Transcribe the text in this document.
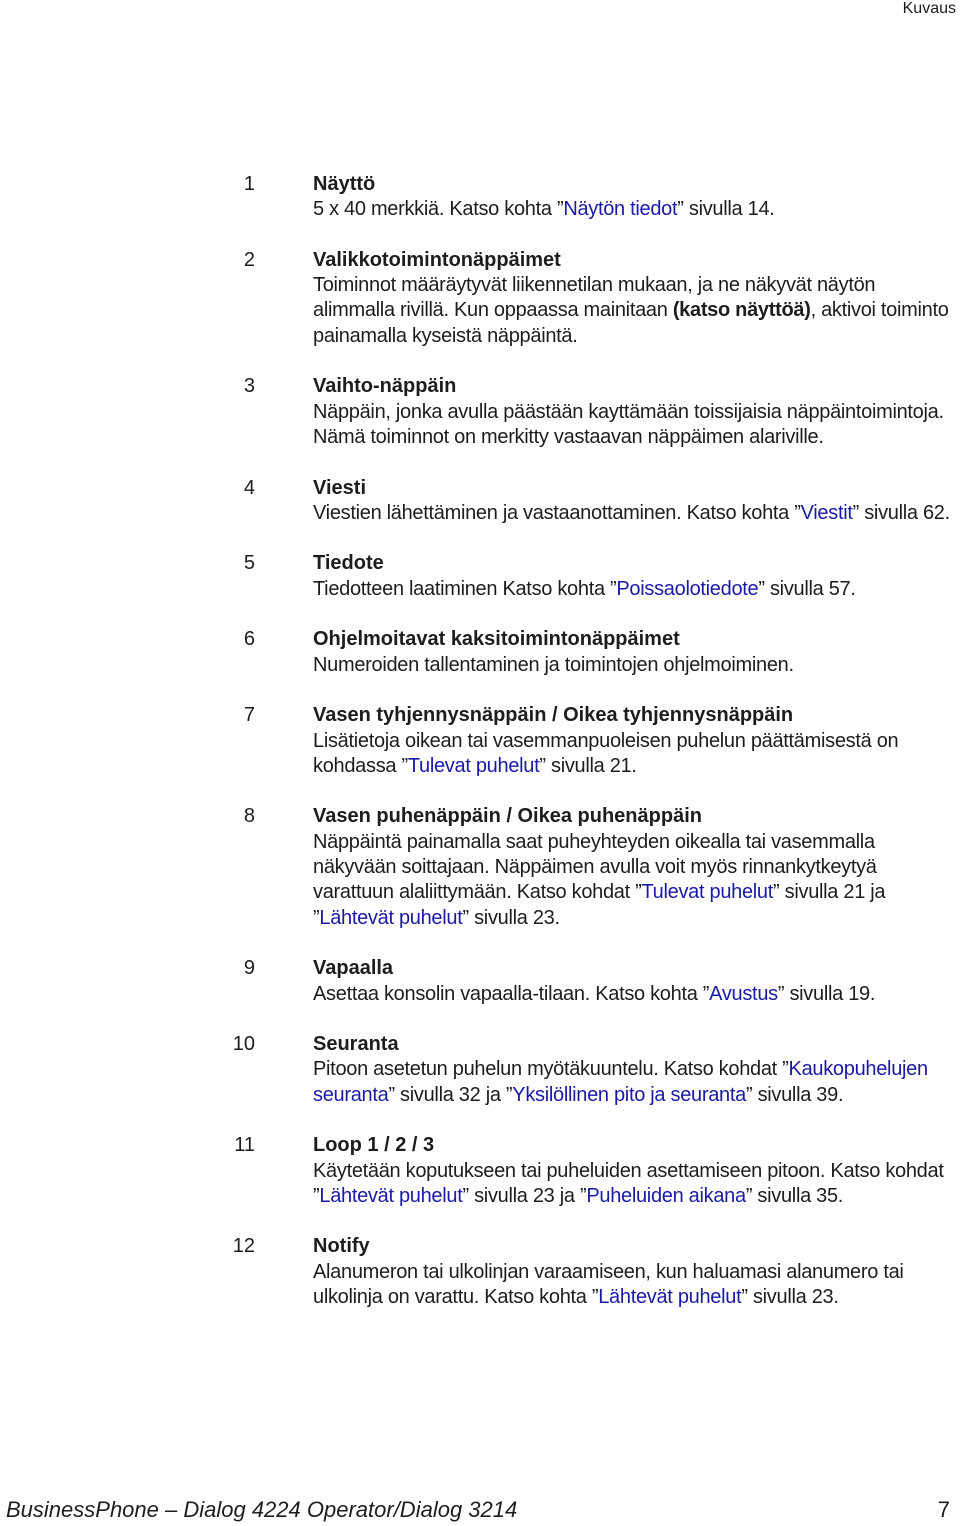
Kuvaus
1	Näyttö
5 x 40 merkkiä. Katso kohta ”Näytön tiedot” sivulla 14.
2	Valikkotoimintonäppäimet
Toiminnot määräytyvät liikennetilan mukaan, ja ne näkyvät näytön alimmalla rivillä. Kun oppaassa mainitaan (katso näyttöä), aktivoi toiminto painamalla kyseistä näppäintä.
3	Vaihto-näppäin
Näppäin, jonka avulla päästään kayttämään toissijaisia näppäintoimintoja. Nämä toiminnot on merkitty vastaavan näppäimen alariville.
4	Viesti
Viestien lähettäminen ja vastaanottaminen. Katso kohta ”Viestit” sivulla 62.
5	Tiedote
Tiedotteen laatiminen Katso kohta ”Poissaolotiedote” sivulla 57.
6	Ohjelmoitavat kaksitoimintonäppäimet
Numeroiden tallentaminen ja toimintojen ohjelmoiminen.
7	Vasen tyhjennysnäppäin / Oikea tyhjennysnäppäin
Lisätietoja oikean tai vasemmanpuoleisen puhelun päättämisestä on kohdassa ”Tulevat puhelut” sivulla 21.
8	Vasen puhenäppäin / Oikea puhenäppäin
Näppäintä painamalla saat puheyhteyden oikealla tai vasemmalla näkyvään soittajaan. Näppäimen avulla voit myös rinnankytkeytyä varattuun alaliittymään. Katso kohdat ”Tulevat puhelut” sivulla 21 ja ”Lähtevät puhelut” sivulla 23.
9	Vapaalla
Asettaa konsolin vapaalla-tilaan. Katso kohta ”Avustus” sivulla 19.
10	Seuranta
Pitoon asetetun puhelun myötäkuuntelu. Katso kohdat ”Kaukopuhelujen seuranta” sivulla 32 ja ”Yksilöllinen pito ja seuranta” sivulla 39.
11	Loop 1 / 2 / 3
Käytetään koputukseen tai puheluiden asettamiseen pitoon. Katso kohdat ”Lähtevät puhelut” sivulla 23 ja ”Puheluiden aikana” sivulla 35.
12	Notify
Alanumeron tai ulkolinjan varaamiseen, kun haluamasi alanumero tai ulkolinja on varattu. Katso kohta ”Lähtevät puhelut” sivulla 23.
BusinessPhone – Dialog 4224 Operator/Dialog 3214	7
